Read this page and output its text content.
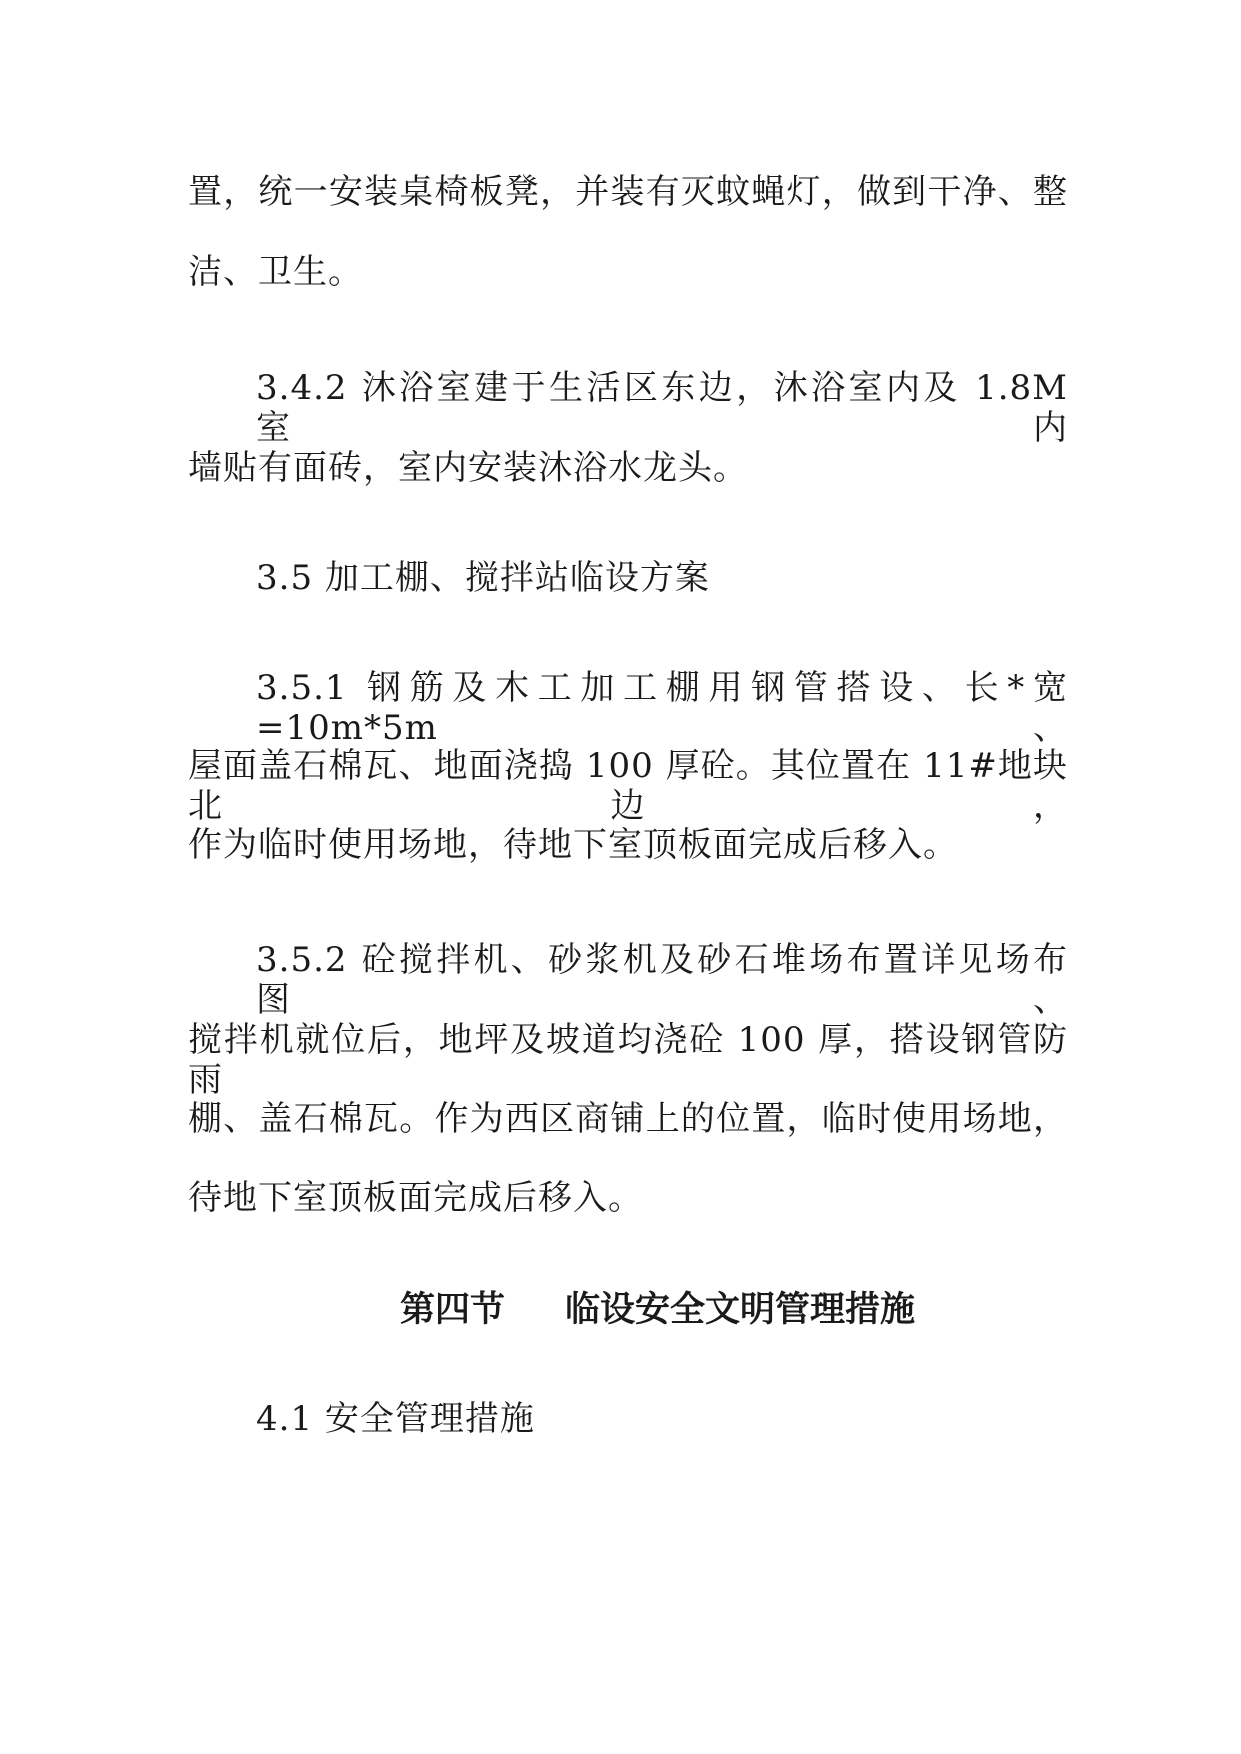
置，统一安装桌椅板凳，并装有灭蚊蝇灯，做到干净、整
洁、卫生。
3.4.2 沐浴室建于生活区东边，沐浴室内及 1.8M 室内
墙贴有面砖，室内安装沐浴水龙头。
3.5 加工棚、搅拌站临设方案
3.5.1 钢筋及木工加工棚用钢管搭设、长*宽=10m*5m、
屋面盖石棉瓦、地面浇捣 100 厚砼。其位置在 11#地块北边，
作为临时使用场地，待地下室顶板面完成后移入。
3.5.2 砼搅拌机、砂浆机及砂石堆场布置详见场布图、
搅拌机就位后，地坪及坡道均浇砼 100 厚，搭设钢管防雨
棚、盖石棉瓦。作为西区商铺上的位置，临时使用场地，
待地下室顶板面完成后移入。
第四节 临设安全文明管理措施
4.1 安全管理措施
